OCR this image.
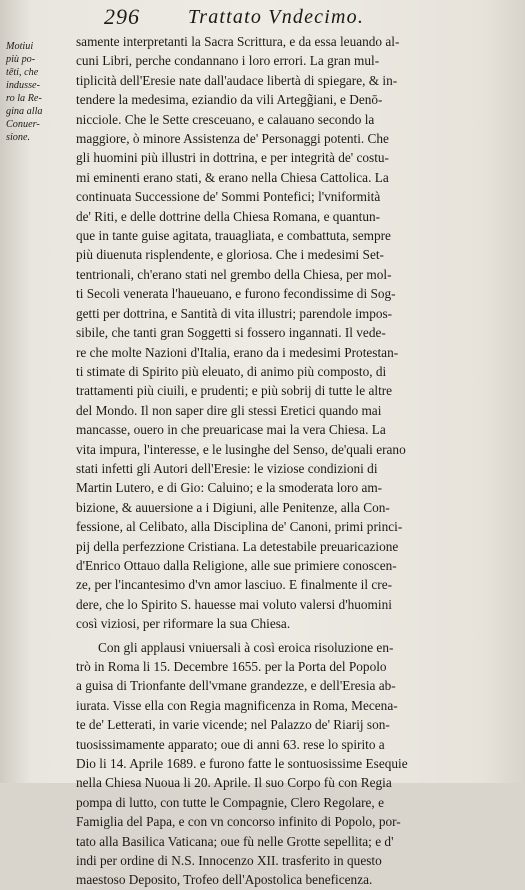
296 Trattato Vndecimo.
Motiui
più po-
tēti, che
indusse-
ro la Re-
gina alla
Conuer-
sione.

samente interpretanti la Sacra Scrittura, e da essa leuando al-
cuni Libri, perche condannano i loro errori. La gran mul-
tiplicità dell'Eresie nate dall'audace libertà di spiegare, & in-
tendere la medesima, eziandio da vili Artegg̃iani, e Denō-
nicciole. Che le Sette cresceuano, e calauano secondo la
maggiore, ò minore Assistenza de' Personaggi potenti. Che
gli huomini più illustri in dottrina, e per integrità de' costu-
mi eminenti erano stati, & erano nella Chiesa Cattolica. La
continuata Successione de' Sommi Pontefici; l'vniformità
de' Riti, e delle dottrine della Chiesa Romana, e quantun-
que in tante guise agitata, trauagliata, e combattuta, sempre
più diuenuta risplendente, e gloriosa. Che i medesimi Set-
tentrionali, ch'erano stati nel grembo della Chiesa, per mol-
ti Secoli venerata l'haueuano, e furono fecondissime di Sog-
getti per dottrina, e Santità di vita illustri; parendole impos-
sibile, che tanti gran Soggetti si fossero ingannati. Il vede-
re che molte Nazioni d'Italia, erano da i medesimi Protestan-
ti stimate di Spirito più eleuato, di animo più composto, di
trattamenti più ciuili, e prudenti; e più sobrij di tutte le altre
del Mondo. Il non saper dire gli stessi Eretici quando mai
mancasse, ouero in che preuaricase mai la vera Chiesa. La
vita impura, l'interesse, e le lusinghe del Senso, de'quali erano
stati infetti gli Autori dell'Eresie: le viziose condizioni di
Martin Lutero, e di Gio: Caluino; e la smoderata loro am-
bizione, & auuersione a i Digiuni, alle Penitenze, alla Con-
fessione, al Celibato, alla Disciplina de' Canoni, primi princi-
pij della perfezzione Cristiana. La detestabile preuaricazione
d'Enrico Ottauo dalla Religione, alle sue primiere conoscen-
ze, per l'incantesimo d'vn amor lasciuo. E finalmente il cre-
dere, che lo Spirito S. hauesse mai voluto valersi d'huomini
così viziosi, per riformare la sua Chiesa.

Con gli applausi vniuersali à così eroica risoluzione en-
trò in Roma li 15. Decembre 1655. per la Porta del Popolo
a guisa di Trionfante dell'vmane grandezze, e dell'Eresia ab-
iurata. Visse ella con Regia magnificenza in Roma, Mecena-
te de' Letterati, in varie vicende; nel Palazzo de' Riarij son-
tuosissimamente apparato; oue di anni 63. rese lo spirito a
Dio li 14. Aprile 1689. e furono fatte le sontuosissime Esequie
nella Chiesa Nuoua li 20. Aprile. Il suo Corpo fù con Regia
pompa di lutto, con tutte le Compagnie, Clero Regolare, e
Famiglia del Papa, e con vn concorso infinito di Popolo, por-
tato alla Basilica Vaticana; oue fù nelle Grotte sepellita; e d'
indi per ordine di N.S. Innocenzo XII. trasferito in questo
maestoso Deposito, Trofeo dell'Apostolica beneficenza.
